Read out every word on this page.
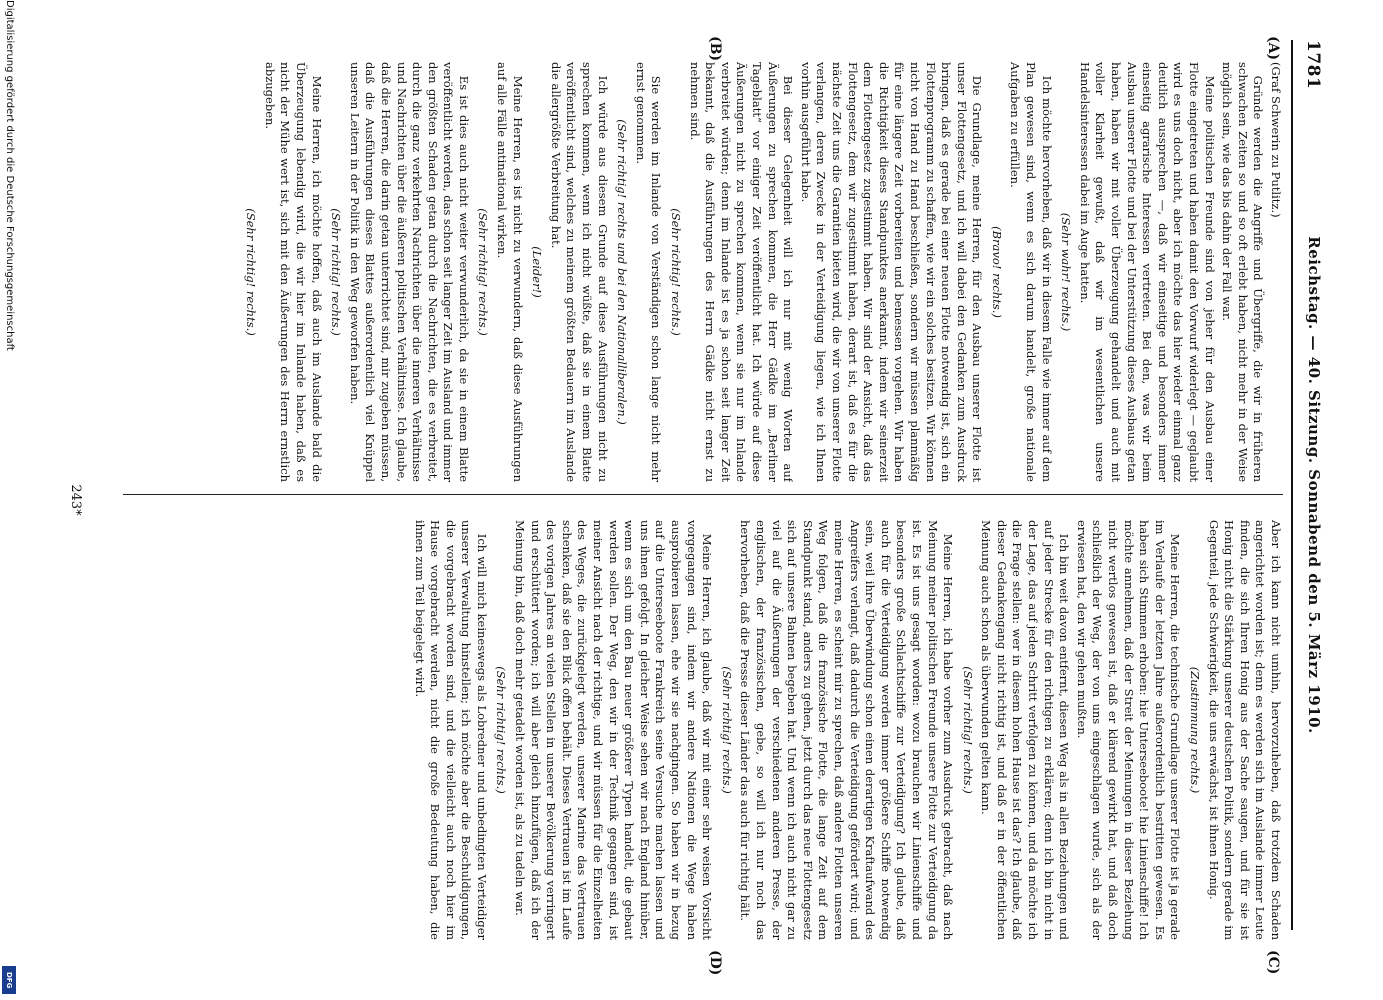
1781
Reichstag. — 40. Sitzung. Sonnabend den 5. März 1910.
(A)
(B)
(C)
(D)

(Graf Schwerin zu Putlitz.)

Gründe werden die Angriffe und Übergriffe, die wir in früheren schwachen Zeiten so und so oft erlebt haben, nicht mehr in der Weise möglich sein, wie das bis dahin der Fall war.

Meine politischen Freunde sind von jeher für den Ausbau einer Flotte eingetreten und haben damit den Vorwurf widerlegt — geglaubt wird es uns doch nicht, aber ich möchte das hier wieder einmal ganz deutlich aussprechen —, daß wir einseitige und besonders immer einseitig agrarische Interessen vertreten. Bei den, was wir beim Ausbau unserer Flotte und bei der Unterstützung dieses Ausbaus getan haben, haben wir mit voller Überzeugung gehandelt und auch mit voller Klarheit gewußt, daß wir im wesentlichen unsere Handelsinteressen dabei im Auge hatten.

(Sehr wahr! rechts.)

Ich möchte hervorheben, daß wir in diesem Falle wie immer auf dem Plan gewesen sind, wenn es sich darum handelt, große nationale Aufgaben zu erfüllen.

(Bravo! rechts.)

Die Grundlage, meine Herren, für den Ausbau unserer Flotte ist unser Flottengesetz, und ich will dabei den Gedanken zum Ausdruck bringen, daß es gerade bei einer neuen Flotte notwendig ist, sich ein Flottenprogramm zu schaffen, wie wir ein solches besitzen. Wir können nicht von Hand zu Hand beschließen, sondern wir müssen planmäßig für eine längere Zeit vorbereiten und bemessen vorgehen. Wir haben die Richtigkeit dieses Standpunktes anerkannt, indem wir seinerzeit dem Flottengesetz zugestimmt haben. Wir sind der Ansicht, daß das Flottengesetz, dem wir zugestimmt haben, derart ist, daß es für die nächste Zeit uns die Garantien bieten wird, die wir von unserer Flotte verlangen, deren Zwecke in der Verteidigung liegen, wie ich Ihnen vorhin ausgeführt habe.

Bei dieser Gelegenheit will ich nur mit wenig Worten auf Äußerungen zu sprechen kommen, die Herr Gädke im „Berliner Tageblatt“ vor einiger Zeit veröffentlicht hat. Ich würde auf diese Äußerungen nicht zu sprechen kommen, wenn sie nur im Inlande verbreitet würden; denn im Inlande ist es ja schon seit langer Zeit bekannt, daß die Ausführungen des Herrn Gädke nicht ernst zu nehmen sind.

(Sehr richtig! rechts.)

Sie werden im Inlande von Verständigen schon lange nicht mehr ernst genommen.

(Sehr richtig! rechts und bei den Nationalliberalen.)

Ich würde aus diesem Grunde auf diese Ausführungen nicht zu sprechen kommen, wenn ich nicht wüßte, daß sie in einem Blatte veröffentlicht sind, welches zu meinem größten Bedauern im Auslande die allergrößte Verbreitung hat.

(Leider!)

Meine Herren, es ist nicht zu verwundern, daß diese Ausführungen auf alle Fälle antinational wirken.

(Sehr richtig! rechts.)

Es ist dies auch nicht weiter verwunderlich, da sie in einem Blatte veröffentlicht werden, das schon seit langer Zeit im Ausland und immer den größten Schaden getan durch die Nachrichten, die es verbreitet, durch die ganz verkehrten Nachrichten über die inneren Verhältnisse und Nachrichten über die äußeren politischen Verhältnisse. Ich glaube, daß die Herren, die darin getan unterrichtet sind, mir zugeben müssen, daß die Ausführungen dieses Blattes außerordentlich viel Knüppel unseren Leitern in der Politik in den Weg geworfen haben.

(Sehr richtig! rechts.)

Meine Herren, ich möchte hoffen, daß auch im Auslande bald die Überzeugung lebendig wird, die wir hier im Inlande haben, daß es nicht der Mühe wert ist, sich mit den Äußerungen des Herrn ernstlich abzugeben.

(Sehr richtig! rechts.)

Aber ich kann nicht umhin, hervorzuheben, daß trotzdem Schaden angerichtet worden ist; denn es werden sich im Auslande immer Leute finden, die sich Ihren Honig aus der Sache saugen, und für sie ist Honig nicht die Stärkung unserer deutschen Politik, sondern gerade im Gegenteil, jede Schwierigkeit, die uns erwächst, ist ihnen Honig.

(Zustimmung rechts.)

Meine Herren, die technische Grundlage unserer Flotte ist ja gerade im Verlaufe der letzten Jahre außerordentlich bestritten gewesen. Es haben sich Stimmen erhoben: hie Unterseeboote! hie Linienschiffe! Ich möchte annehmen, daß der Streit der Meinungen in dieser Beziehung nicht wertlos gewesen ist, daß er klärend gewirkt hat, und daß doch schließlich der Weg, der von uns eingeschlagen wurde, sich als der erwiesen hat, den wir gehen mußten.

Ich bin weit davon entfernt, diesen Weg als in allen Beziehungen und auf jeder Strecke für den richtigen zu erklären; denn ich bin nicht in der Lage, das auf jeden Schritt verfolgen zu können, und da möchte ich die Frage stellen: wer in diesem hohen Hause ist das? Ich glaube, daß dieser Gedankengang nicht richtig ist, und daß er in der öffentlichen Meinung auch schon als überwunden gelten kann.

(Sehr richtig! rechts.)

Meine Herren, ich habe vorher zum Ausdruck gebracht, daß nach Meinung meiner politischen Freunde unsere Flotte zur Verteidigung da ist. Es ist uns gesagt worden: wozu brauchen wir Linienschiffe und besonders große Schlachtschiffe zur Verteidigung? Ich glaube, daß auch für die Verteidigung werden immer größere Schiffe notwendig sein, weil ihre Überwindung schon einen derartigen Kraftaufwand des Angreifers verlangt, daß dadurch die Verteidigung gefördert wird; und meine Herren, es scheint mir zu sprechen, daß andere Flotten unseren Weg folgen, daß die französische Flotte, die lange Zeit auf dem Standpunkt stand, anders zu gehen, jetzt durch das neue Flottengesetz sich auf unsere Bahnen begeben hat. Und wenn ich auch nicht gar zu viel auf die Äußerungen der verschiedenen anderen Presse, der englischen, der französischen, gebe, so will ich nur noch das hervorheben, daß die Presse dieser Länder das auch für richtig hält.

(Sehr richtig! rechts.)

Meine Herren, ich glaube, daß wir mit einer sehr weisen Vorsicht vorgegangen sind, indem wir andere Nationen die Wege haben ausprobieren lassen, ehe wir sie nachgingen. So haben wir in bezug auf die Unterseeboote Frankreich seine Versuche machen lassen und uns ihnen gefolgt. In gleicher Weise sehen wir nach England hinüber, wenn es sich um den Bau neuer größerer Typen handelt, die gebaut werden sollen. Der Weg, den wir in der Technik gegangen sind, ist meiner Ansicht nach der richtige, und wir müssen für die Einzelheiten des Weges, die zurückgelegt werden, unserer Marine das Vertrauen schenken, daß sie den Blick offen behält. Dieses Vertrauen ist im Laufe des vorigen Jahres an vielen Stellen in unserer Bevölkerung verringert und erschüttert worden; ich will aber gleich hinzufügen, daß ich der Meinung bin, daß doch mehr getadelt worden ist, als zu tadeln war.

(Sehr richtig! rechts.)

Ich will mich keineswegs als Lobredner und unbedingten Verteidiger unserer Verwaltung hinstellen; ich möchte aber die Beschuldigungen, die vorgebracht worden sind, und die vielleicht auch noch hier im Hause vorgebracht werden, nicht die große Bedeutung haben, die ihnen zum Teil beigelegt wird.

243*
Digitalisierung gefördert durch die Deutsche Forschungsgemeinschaft
DFG
